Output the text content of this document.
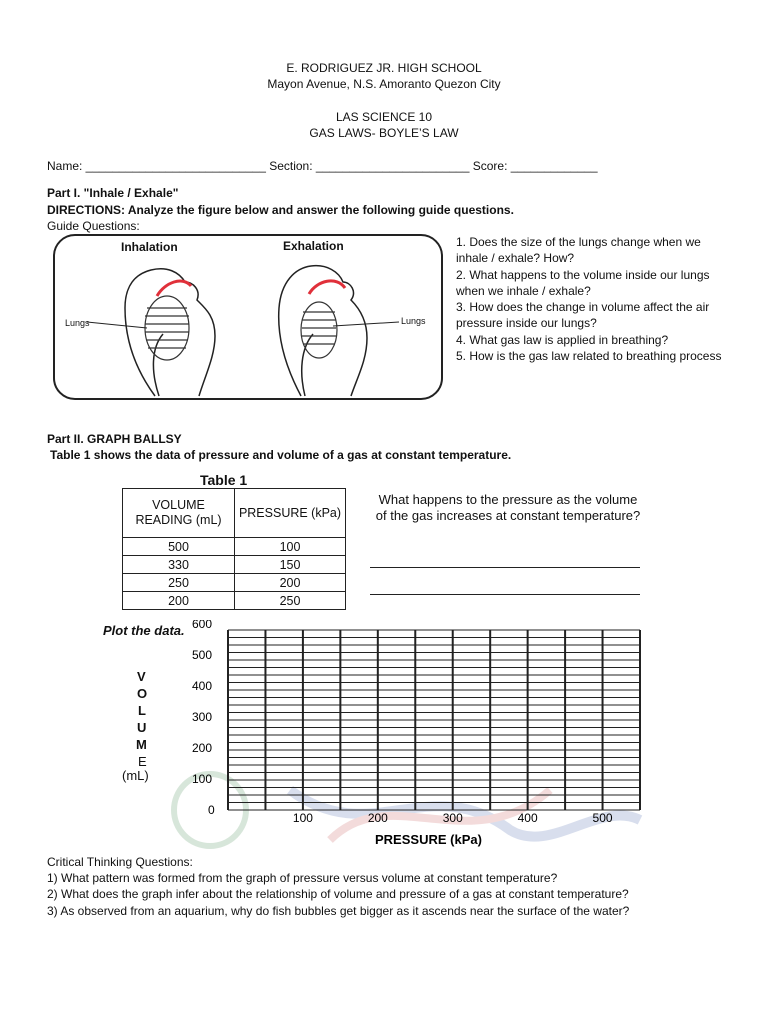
E. RODRIGUEZ JR. HIGH SCHOOL
Mayon Avenue, N.S. Amoranto Quezon City
LAS SCIENCE 10
GAS LAWS- BOYLE’S LAW
Name: ___________________________ Section: _______________________ Score: _____________
Part I. "Inhale / Exhale"
DIRECTIONS: Analyze the figure below and answer the following guide questions.
Guide Questions:
Inhalation	Exhalation
Lungs	Lungs
1. Does the size of the lungs change when we inhale / exhale? How?
2. What happens to the volume inside our lungs when we inhale / exhale?
3. How does the change in volume affect the air pressure inside our lungs?
4. What gas law is applied in breathing?
5. How is the gas law related to breathing process
Part II. GRAPH BALLSY
Table 1 shows the data of pressure and volume of a gas at constant temperature.
Table 1
VOLUME READING (mL)	PRESSURE (kPa)
500	100
330	150
250	200
200	250
What happens to the pressure as the volume of the gas increases at constant temperature?
Plot the data.
V
O
L
U
M
E
(mL)
600
500
400
300
200
100
0
100	200	300	400	500
PRESSURE (kPa)
Critical Thinking Questions:
1) What pattern was formed from the graph of pressure versus volume at constant temperature?
2) What does the graph infer about the relationship of volume and pressure of a gas at constant temperature?
3) As observed from an aquarium, why do fish bubbles get bigger as it ascends near the surface of the water?
